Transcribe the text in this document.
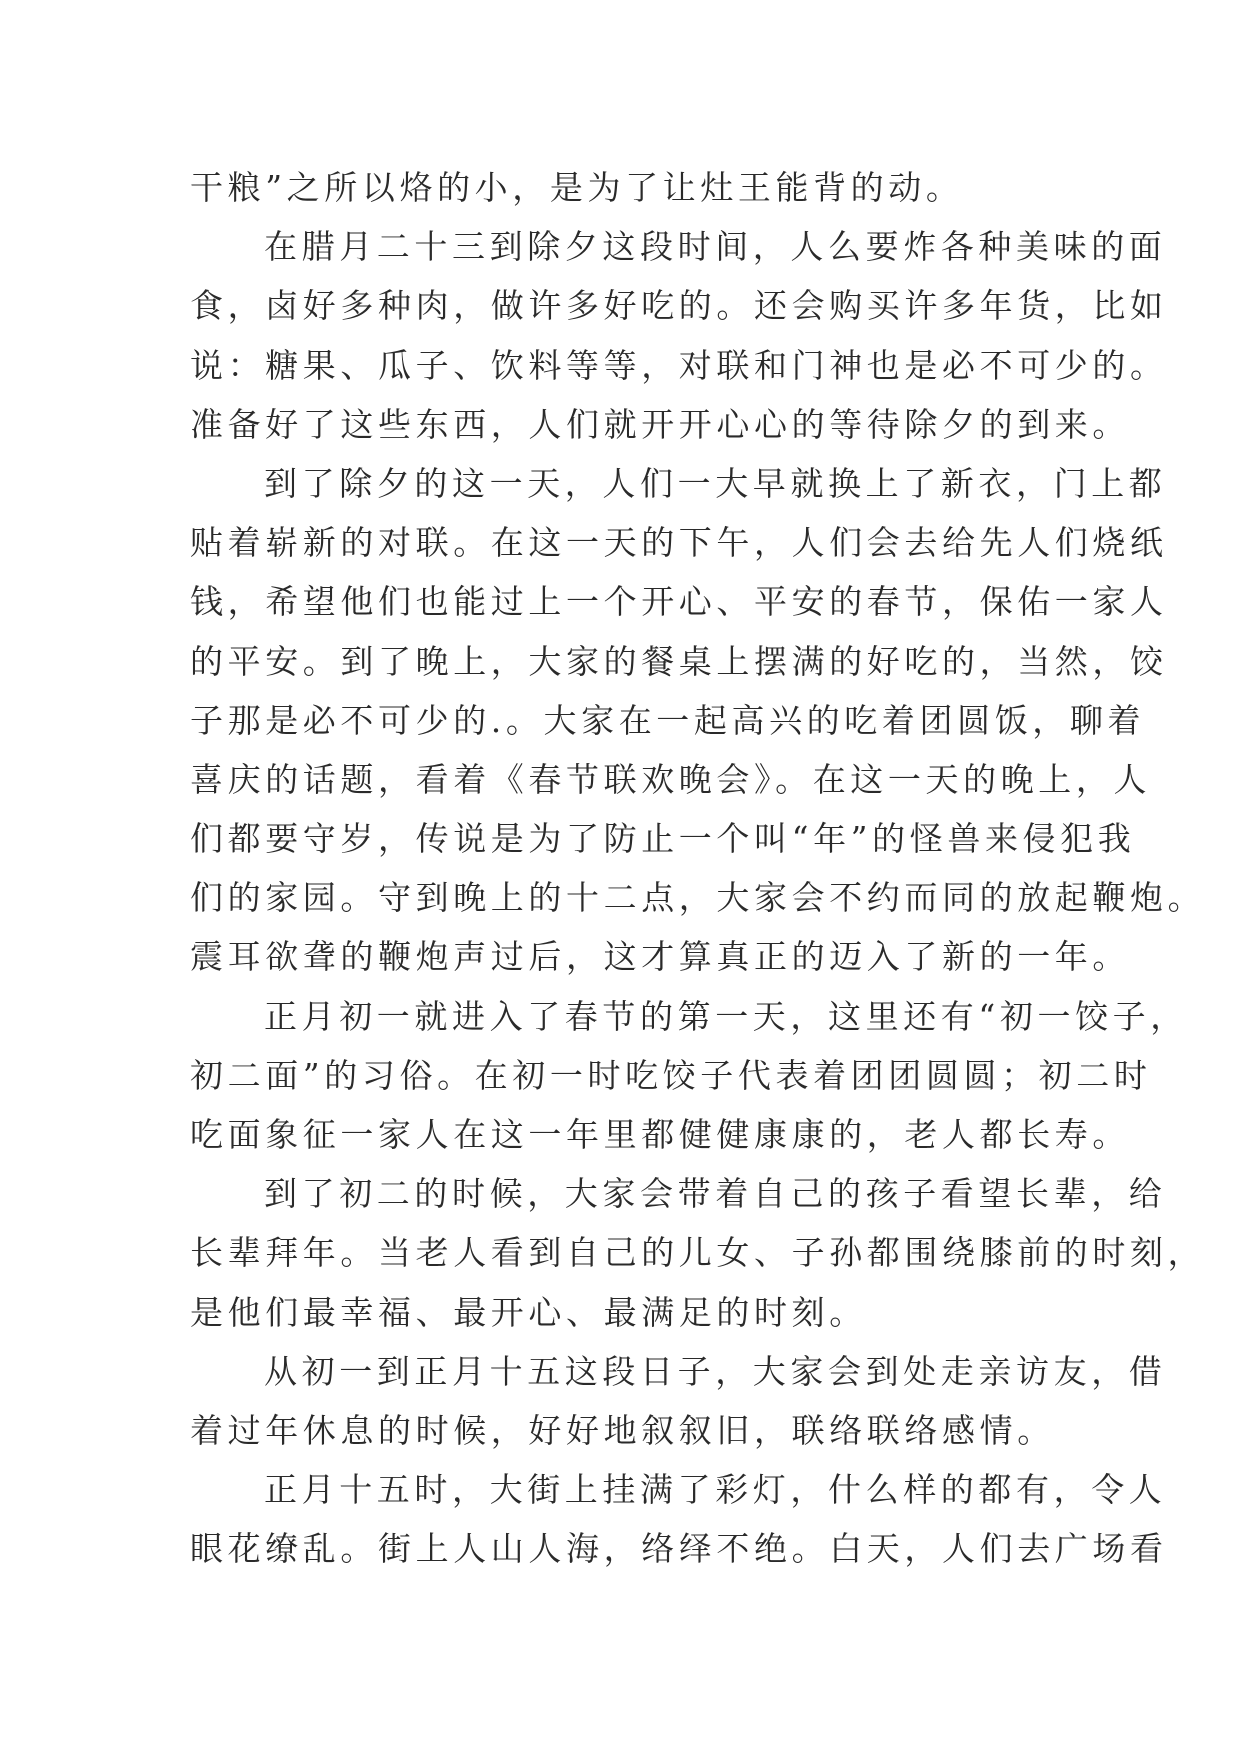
干粮”之所以烙的小，是为了让灶王能背的动。
在腊月二十三到除夕这段时间，人么要炸各种美味的面
食，卤好多种肉，做许多好吃的。还会购买许多年货，比如
说：糖果、瓜子、饮料等等，对联和门神也是必不可少的。
准备好了这些东西，人们就开开心心的等待除夕的到来。
到了除夕的这一天，人们一大早就换上了新衣，门上都
贴着崭新的对联。在这一天的下午，人们会去给先人们烧纸
钱，希望他们也能过上一个开心、平安的春节，保佑一家人
的平安。到了晚上，大家的餐桌上摆满的好吃的，当然，饺
子那是必不可少的.。大家在一起高兴的吃着团圆饭，聊着
喜庆的话题，看着《春节联欢晚会》。在这一天的晚上，人
们都要守岁，传说是为了防止一个叫“年”的怪兽来侵犯我
们的家园。守到晚上的十二点，大家会不约而同的放起鞭炮。
震耳欲聋的鞭炮声过后，这才算真正的迈入了新的一年。
正月初一就进入了春节的第一天，这里还有“初一饺子，
初二面”的习俗。在初一时吃饺子代表着团团圆圆；初二时
吃面象征一家人在这一年里都健健康康的，老人都长寿。
到了初二的时候，大家会带着自己的孩子看望长辈，给
长辈拜年。当老人看到自己的儿女、子孙都围绕膝前的时刻，
是他们最幸福、最开心、最满足的时刻。
从初一到正月十五这段日子，大家会到处走亲访友，借
着过年休息的时候，好好地叙叙旧，联络联络感情。
正月十五时，大街上挂满了彩灯，什么样的都有，令人
眼花缭乱。街上人山人海，络绎不绝。白天，人们去广场看
